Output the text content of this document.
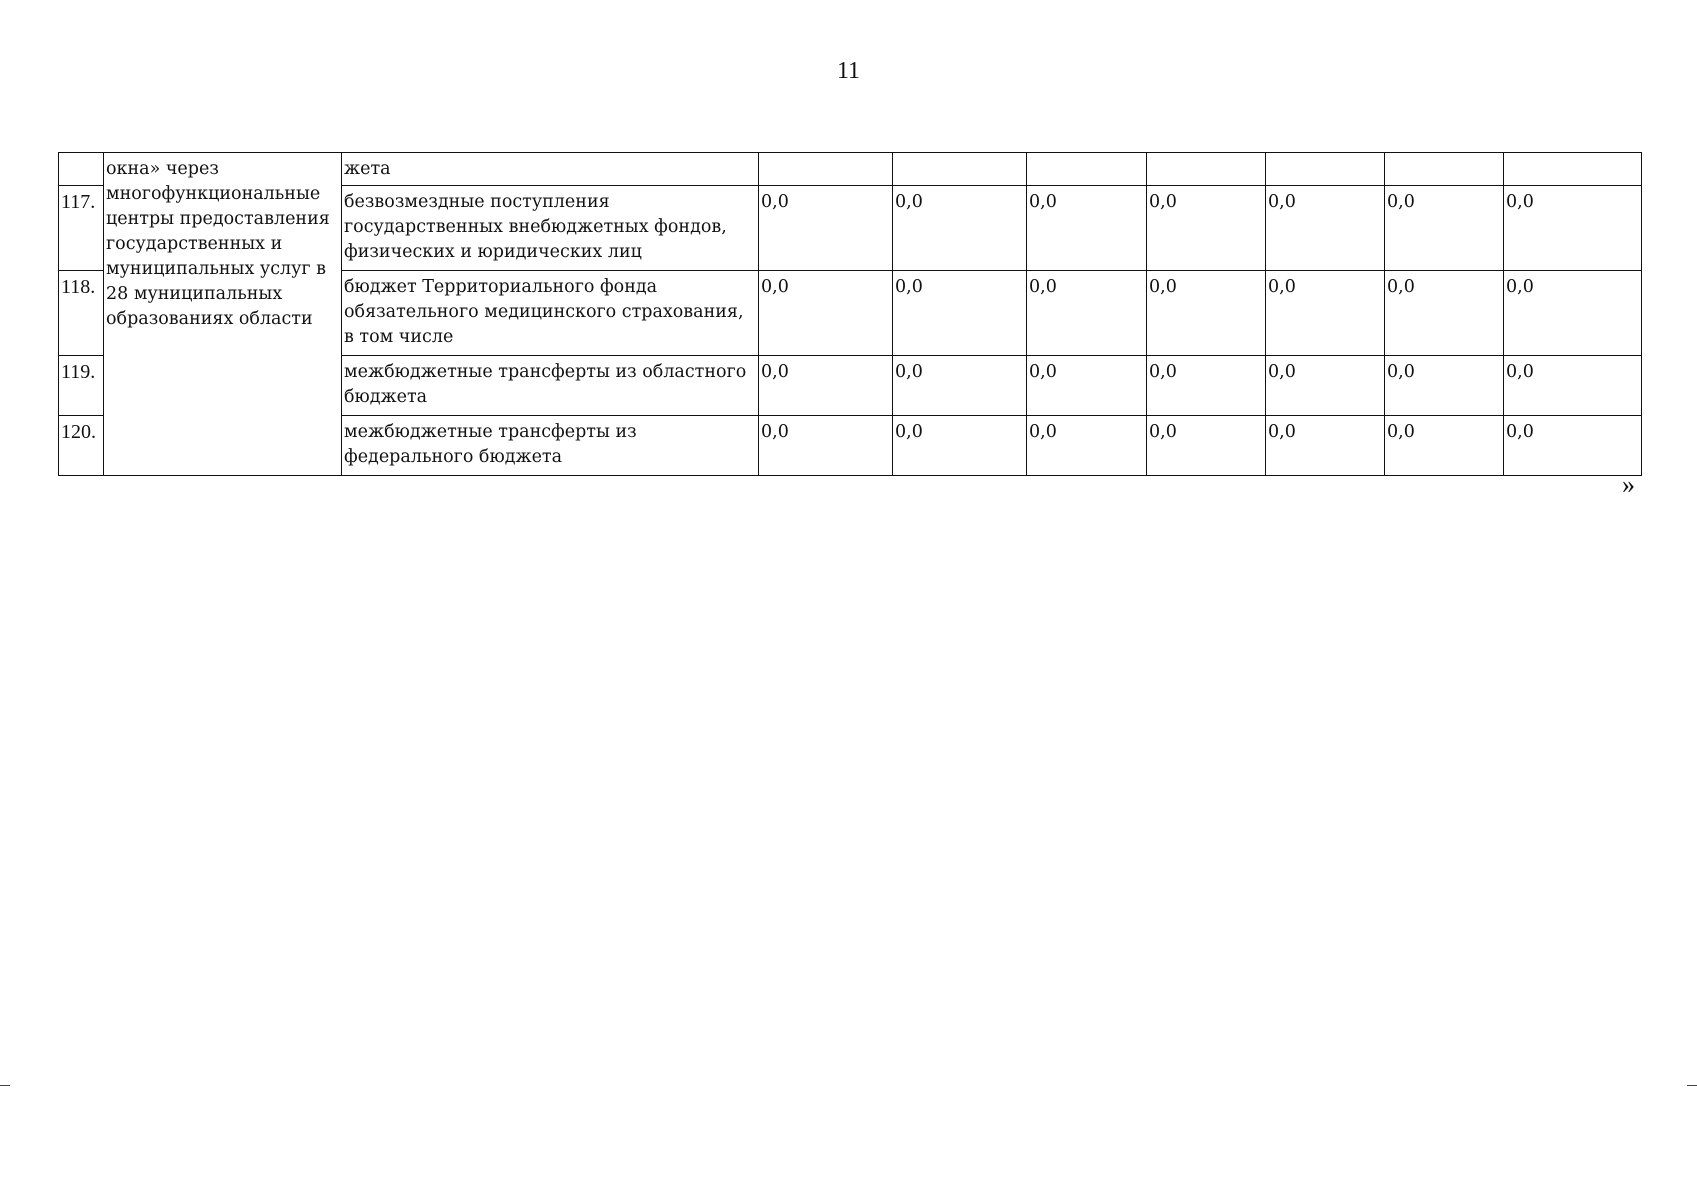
11
	окна» через многофункциональные центры предоставления государственных и муниципальных услуг в 28 муниципальных образованиях области	жета							
117.		безвозмездные поступления государственных внебюджетных фондов, физических и юридических лиц	0,0	0,0	0,0	0,0	0,0	0,0	0,0
118.		бюджет Территориального фонда обязательного медицинского страхования, в том числе	0,0	0,0	0,0	0,0	0,0	0,0	0,0
119.		межбюджетные трансферты из областного бюджета	0,0	0,0	0,0	0,0	0,0	0,0	0,0
120.		межбюджетные трансферты из федерального бюджета	0,0	0,0	0,0	0,0	0,0	0,0	0,0
»
